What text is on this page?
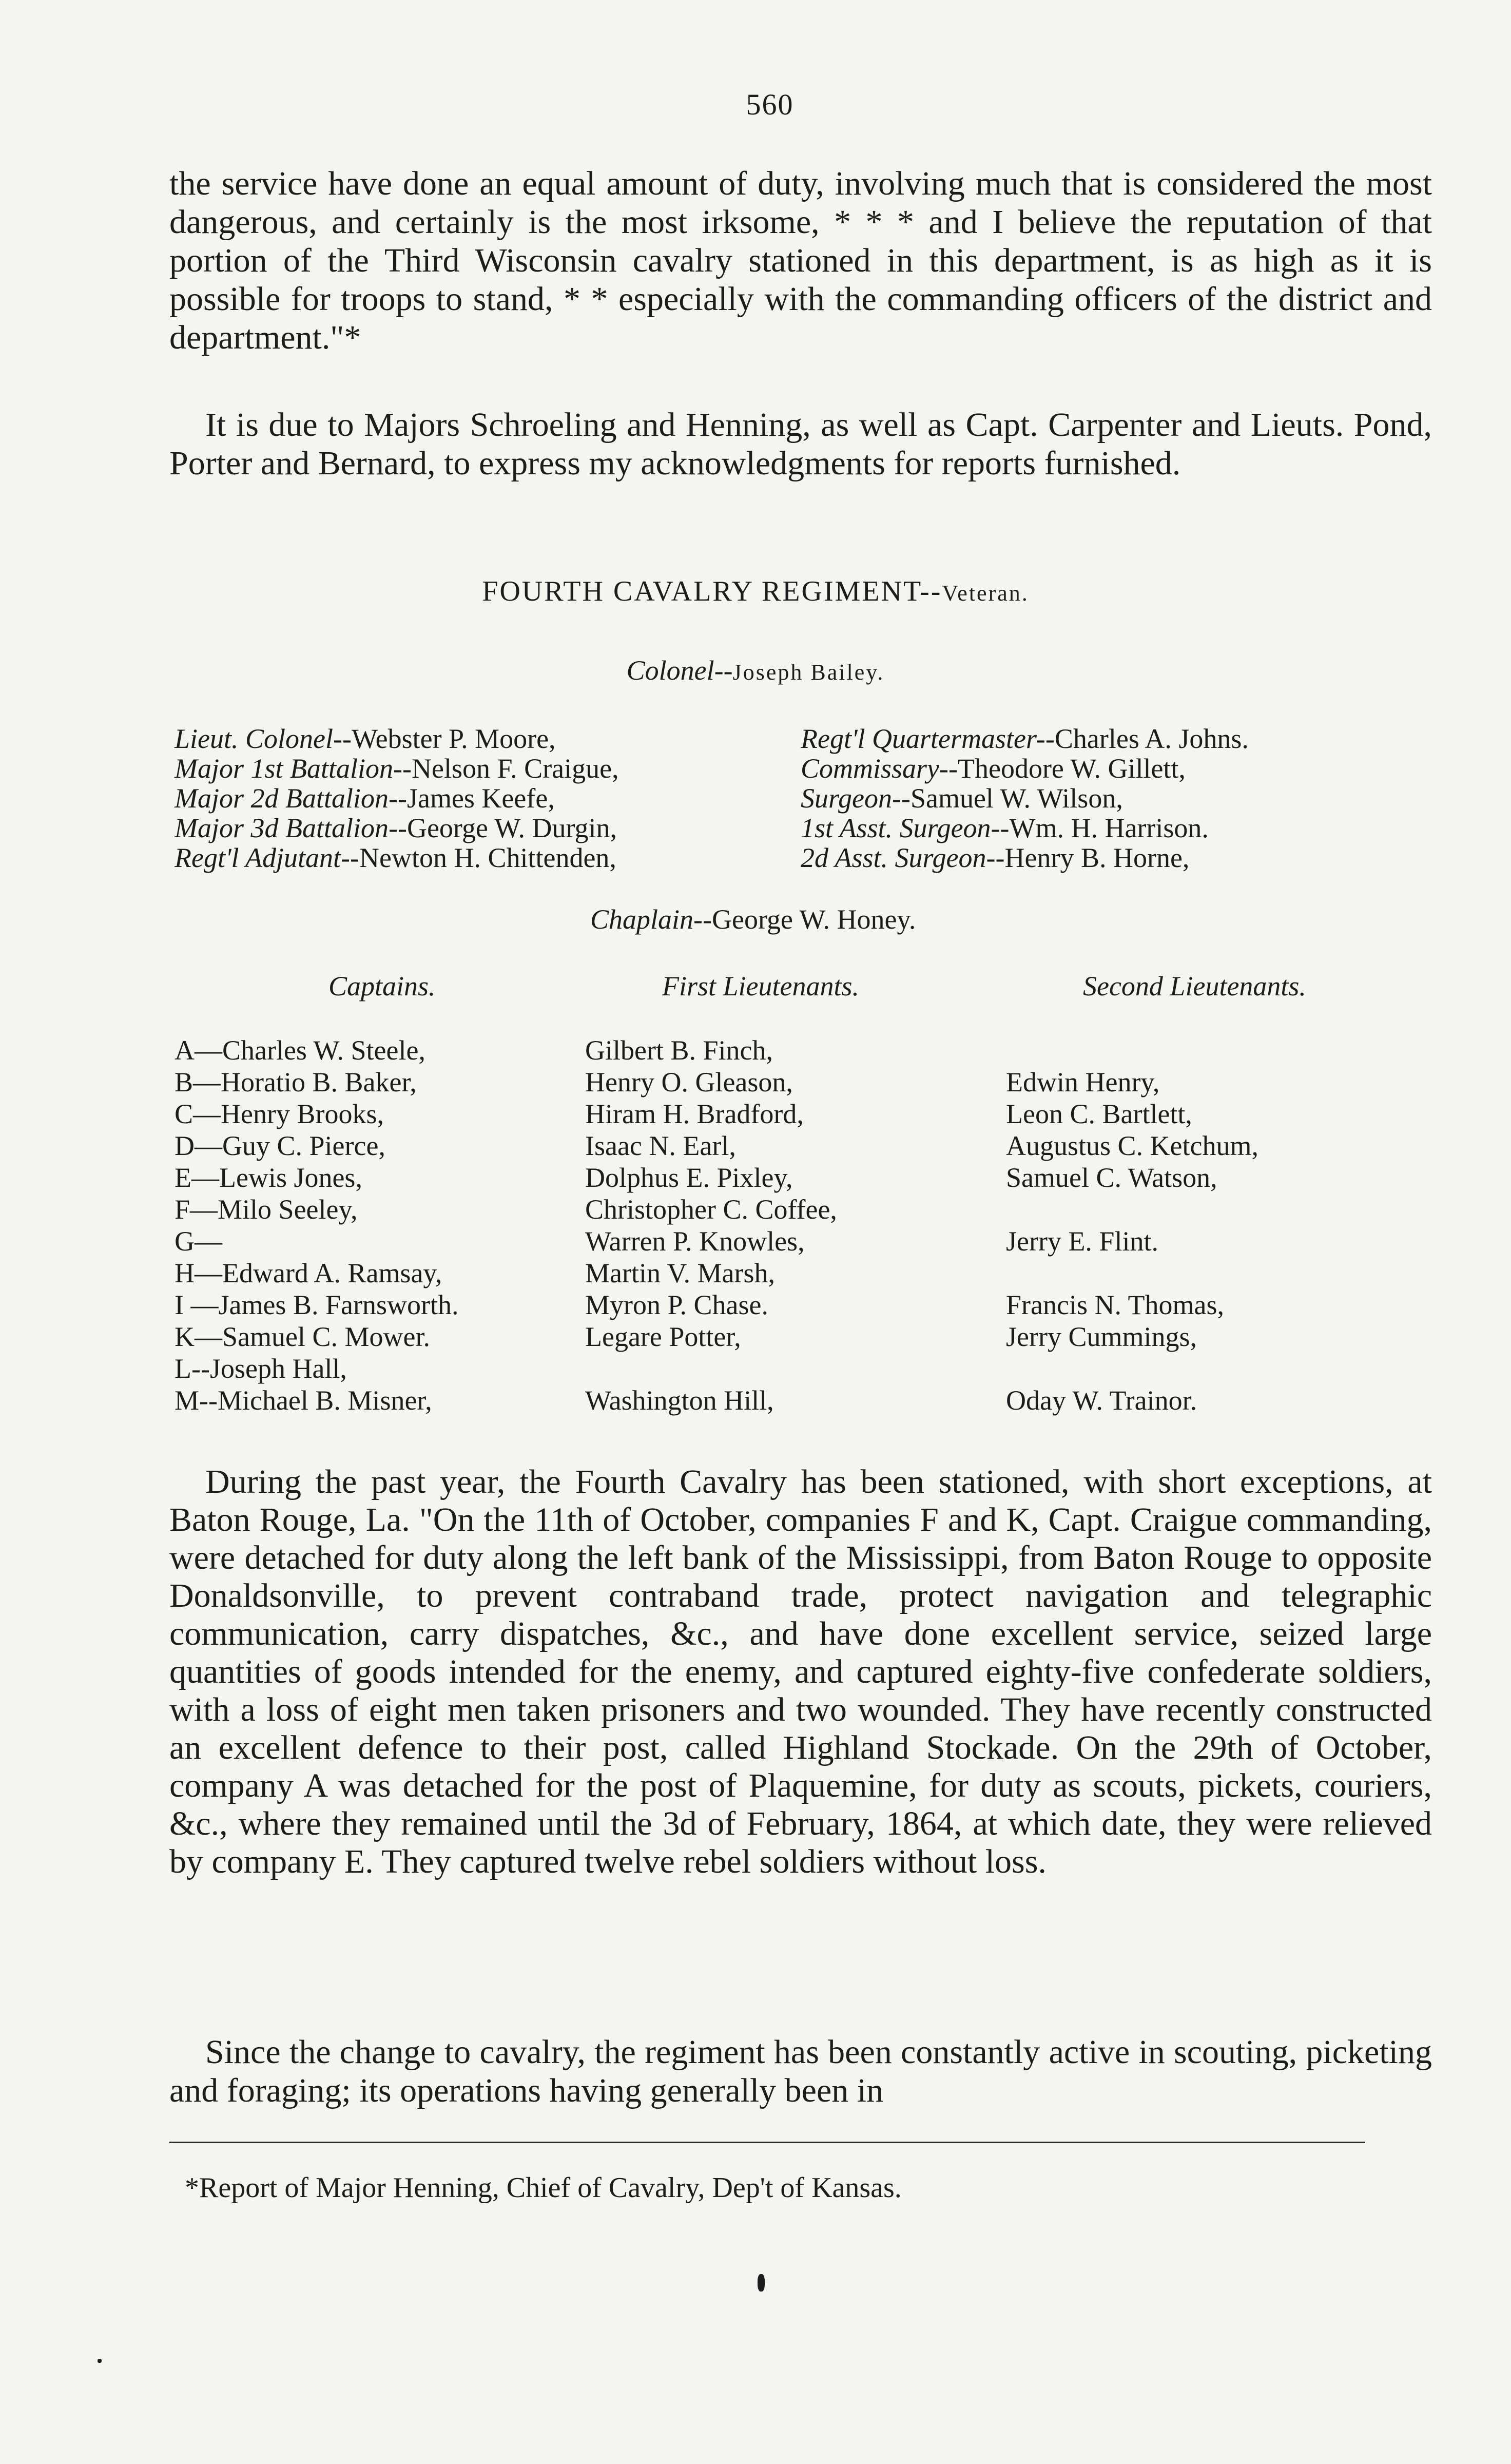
560

the service have done an equal amount of duty, involving much that is considered the most dangerous, and certainly is the most irksome, * * * and I believe the reputation of that portion of the Third Wisconsin cavalry stationed in this department, is as high as it is possible for troops to stand, * * especially with the commanding officers of the district and department."*

It is due to Majors Schroeling and Henning, as well as Capt. Carpenter and Lieuts. Pond, Porter and Bernard, to express my acknowledgments for reports furnished.

FOURTH CAVALRY REGIMENT--Veteran.
Colonel--Joseph Bailey.
Lieut. Colonel--Webster P. Moore,
Major 1st Battalion--Nelson F. Craigue,
Major 2d Battalion--James Keefe,
Major 3d Battalion--George W. Durgin,
Regt'l Adjutant--Newton H. Chittenden,
Regt'l Quartermaster--Charles A. Johns.
Commissary--Theodore W. Gillett,
Surgeon--Samuel W. Wilson,
1st Asst. Surgeon--Wm. H. Harrison.
2d Asst. Surgeon--Henry B. Horne,
Chaplain--George W. Honey.
Captains.	First Lieutenants.	Second Lieutenants.
A—Charles W. Steele,
B—Horatio B. Baker,
C—Henry Brooks,
D—Guy C. Pierce,
E—Lewis Jones,
F—Milo Seeley,
G—
H—Edward A. Ramsay,
I —James B. Farnsworth.
K—Samuel C. Mower.
L--Joseph Hall,
M--Michael B. Misner,
Gilbert B. Finch,
Henry O. Gleason,
Hiram H. Bradford,
Isaac N. Earl,
Dolphus E. Pixley,
Christopher C. Coffee,
Warren P. Knowles,
Martin V. Marsh,
Myron P. Chase.
Legare Potter,

Washington Hill,

Edwin Henry,
Leon C. Bartlett,
Augustus C. Ketchum,
Samuel C. Watson,

Jerry E. Flint.

Francis N. Thomas,
Jerry Cummings,

Oday W. Trainor.

During the past year, the Fourth Cavalry has been stationed, with short exceptions, at Baton Rouge, La. "On the 11th of October, companies F and K, Capt. Craigue commanding, were detached for duty along the left bank of the Mississippi, from Baton Rouge to opposite Donaldsonville, to prevent contraband trade, protect navigation and telegraphic communication, carry dispatches, &c., and have done excellent service, seized large quantities of goods intended for the enemy, and captured eighty-five confederate soldiers, with a loss of eight men taken prisoners and two wounded. They have recently constructed an excellent defence to their post, called Highland Stockade. On the 29th of October, company A was detached for the post of Plaquemine, for duty as scouts, pickets, couriers, &c., where they remained until the 3d of February, 1864, at which date, they were relieved by company E. They captured twelve rebel soldiers without loss.

Since the change to cavalry, the regiment has been constantly active in scouting, picketing and foraging; its operations having generally been in

*Report of Major Henning, Chief of Cavalry, Dep't of Kansas.
